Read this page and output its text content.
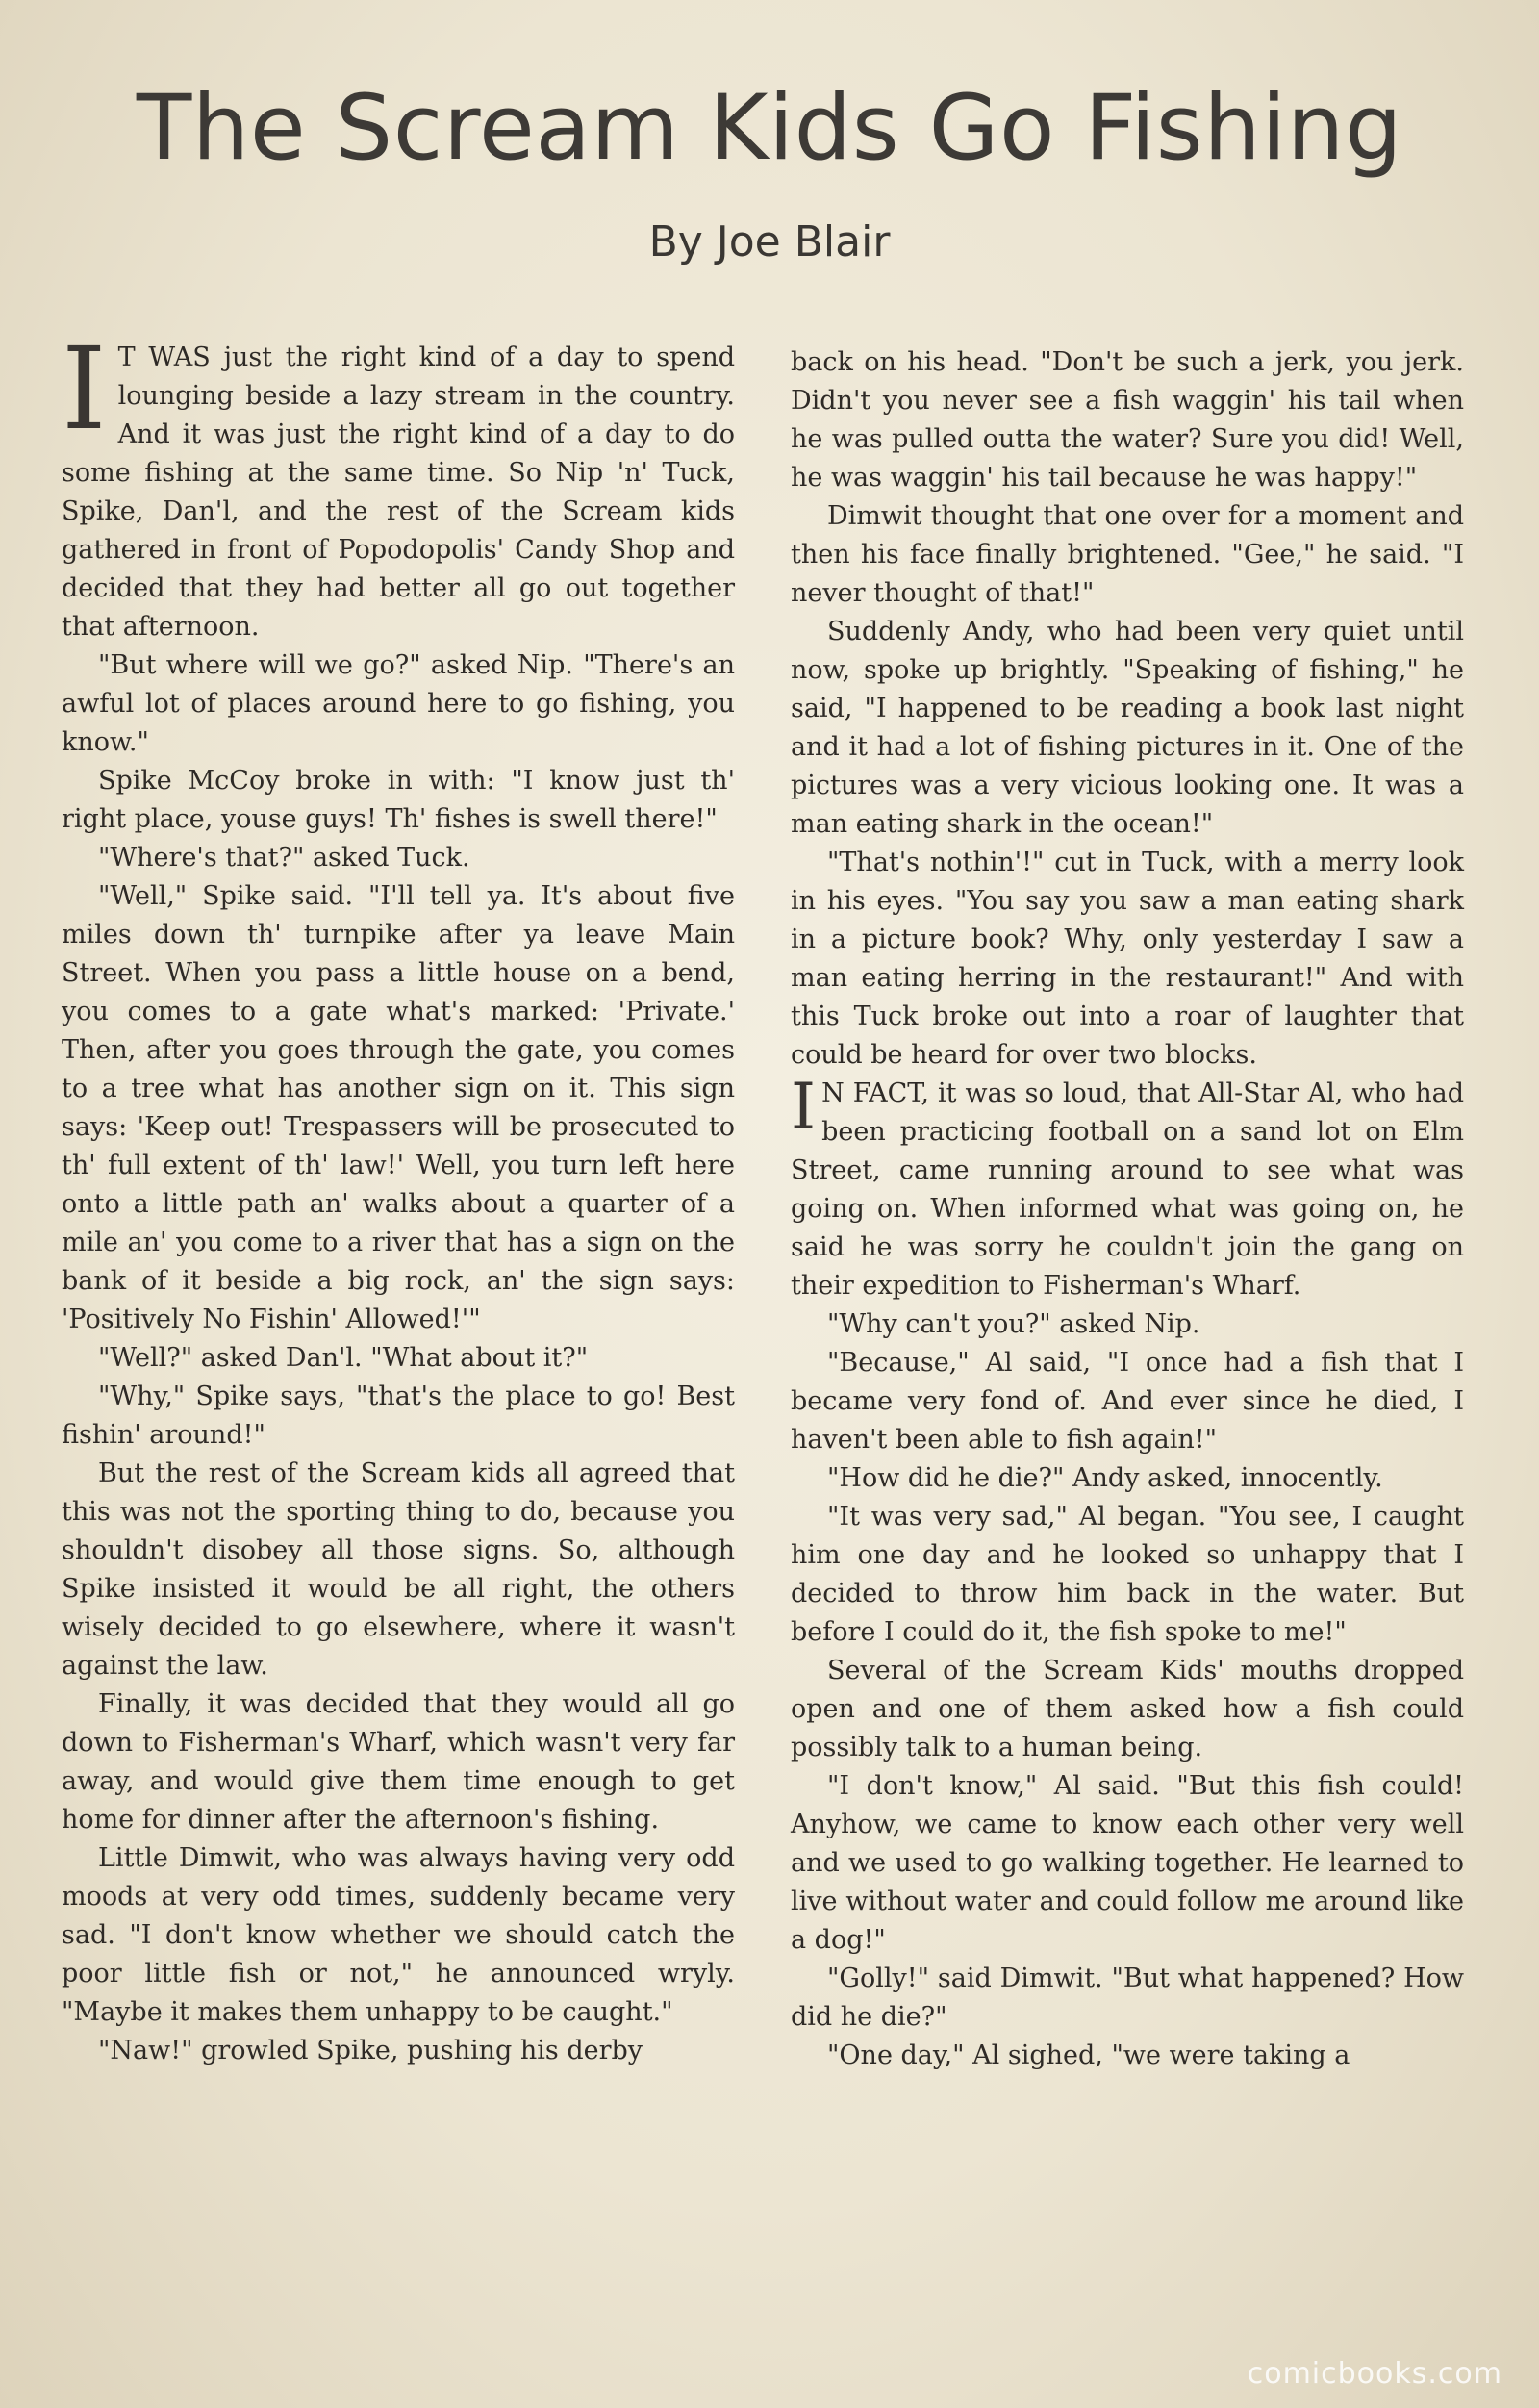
The Scream Kids Go Fishing

By Joe Blair

I T WAS just the right kind of a day to spend lounging beside a lazy stream in the country. And it was just the right kind of a day to do some fishing at the same time. So Nip 'n' Tuck, Spike, Dan'l, and the rest of the Scream kids gathered in front of Popodopolis' Candy Shop and decided that they had better all go out together that afternoon.

"But where will we go?" asked Nip. "There's an awful lot of places around here to go fishing, you know."

Spike McCoy broke in with: "I know just th' right place, youse guys! Th' fishes is swell there!"

"Where's that?" asked Tuck.

"Well," Spike said. "I'll tell ya. It's about five miles down th' turnpike after ya leave Main Street. When you pass a little house on a bend, you comes to a gate what's marked: 'Private.' Then, after you goes through the gate, you comes to a tree what has another sign on it. This sign says: 'Keep out! Trespassers will be prosecuted to th' full extent of th' law!' Well, you turn left here onto a little path an' walks about a quarter of a mile an' you come to a river that has a sign on the bank of it beside a big rock, an' the sign says: 'Positively No Fishin' Allowed!'"

"Well?" asked Dan'l. "What about it?"

"Why," Spike says, "that's the place to go! Best fishin' around!"

But the rest of the Scream kids all agreed that this was not the sporting thing to do, because you shouldn't disobey all those signs. So, although Spike insisted it would be all right, the others wisely decided to go elsewhere, where it wasn't against the law.

Finally, it was decided that they would all go down to Fisherman's Wharf, which wasn't very far away, and would give them time enough to get home for dinner after the afternoon's fishing.

Little Dimwit, who was always having very odd moods at very odd times, suddenly became very sad. "I don't know whether we should catch the poor little fish or not," he announced wryly. "Maybe it makes them unhappy to be caught."

"Naw!" growled Spike, pushing his derby

back on his head. "Don't be such a jerk, you jerk. Didn't you never see a fish waggin' his tail when he was pulled outta the water? Sure you did! Well, he was waggin' his tail because he was happy!"

Dimwit thought that one over for a moment and then his face finally brightened. "Gee," he said. "I never thought of that!"

Suddenly Andy, who had been very quiet until now, spoke up brightly. "Speaking of fishing," he said, "I happened to be reading a book last night and it had a lot of fishing pictures in it. One of the pictures was a very vicious looking one. It was a man eating shark in the ocean!"

"That's nothin'!" cut in Tuck, with a merry look in his eyes. "You say you saw a man eating shark in a picture book? Why, only yesterday I saw a man eating herring in the restaurant!" And with this Tuck broke out into a roar of laughter that could be heard for over two blocks.

I N FACT, it was so loud, that All-Star Al, who had been practicing football on a sand lot on Elm Street, came running around to see what was going on. When informed what was going on, he said he was sorry he couldn't join the gang on their expedition to Fisherman's Wharf.

"Why can't you?" asked Nip.

"Because," Al said, "I once had a fish that I became very fond of. And ever since he died, I haven't been able to fish again!"

"How did he die?" Andy asked, innocently.

"It was very sad," Al began. "You see, I caught him one day and he looked so unhappy that I decided to throw him back in the water. But before I could do it, the fish spoke to me!"

Several of the Scream Kids' mouths dropped open and one of them asked how a fish could possibly talk to a human being.

"I don't know," Al said. "But this fish could! Anyhow, we came to know each other very well and we used to go walking together. He learned to live without water and could follow me around like a dog!"

"Golly!" said Dimwit. "But what happened? How did he die?"

"One day," Al sighed, "we were taking a

comicbooks.com
